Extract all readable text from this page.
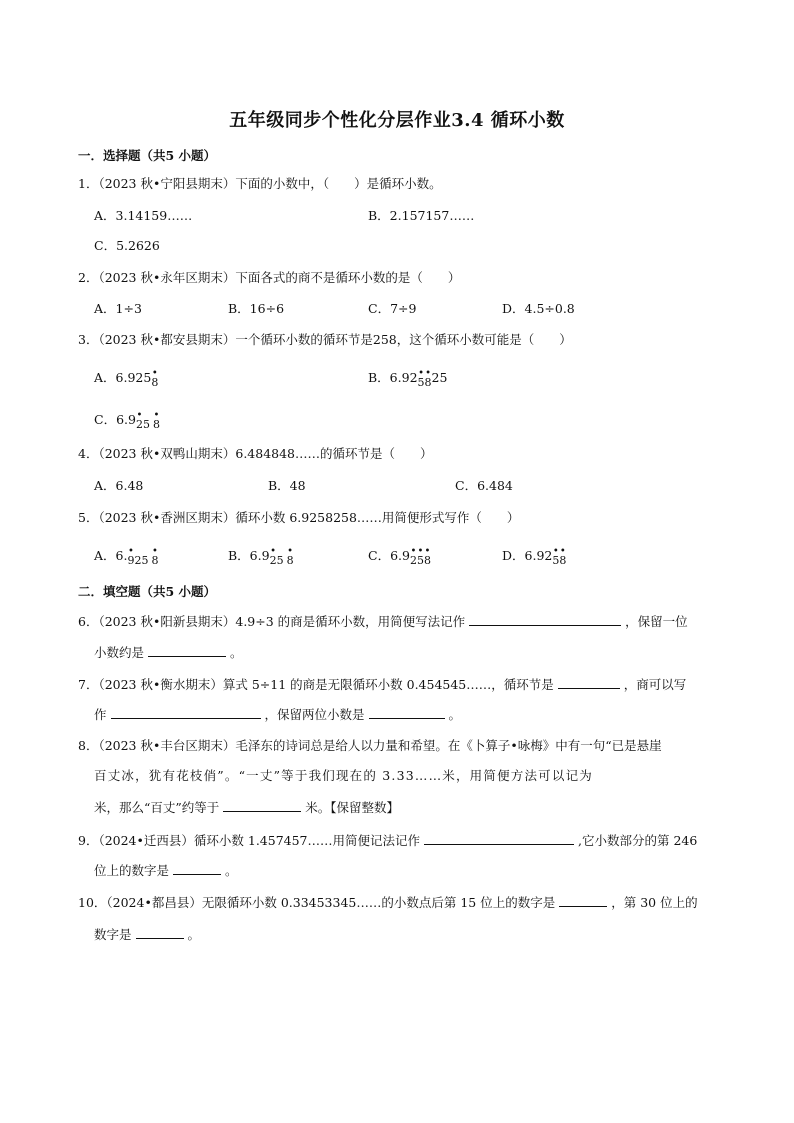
五年级同步个性化分层作业3.4 循环小数
一．选择题（共5 小题）
1．（2023 秋•宁阳县期末）下面的小数中，（　　）是循环小数。
A．3.14159……	B．2.157157……
C．5.2626
2．（2023 秋•永年区期末）下面各式的商不是循环小数的是（　　）
A．1÷3	B．16÷6	C．7÷9	D．4.5÷0.8
3．（2023 秋•都安县期末）一个循环小数的循环节是258，这个循环小数可能是（　　）
A．6.925 •
8	B．6.92 •
5
•
825
C．6.9 •
25
•
8
4．（2023 秋•双鸭山期末）6.484848……的循环节是（　　）
A．6.48	B．48	C．6.484
5．（2023 秋•香洲区期末）循环小数 6.9258258……用简便形式写作（　　）
A．6. •
925
•
8	B．6.9 •
25
•
8	C．6.9 •
2
•
5
•
8	D．6.92 •
5
•
8
二．填空题（共5 小题）
6．（2023 秋•阳新县期末）4.9÷3 的商是循环小数，用简便写法记作	，保留一位
小数约是	。
7．（2023 秋•衡水期末）算式 5÷11 的商是无限循环小数 0.454545……，循环节是	，商可以写
作	，保留两位小数是	。
8．（2023 秋•丰台区期末）毛泽东的诗词总是给人以力量和希望。在《卜算子•咏梅》中有一句“已是悬崖
百丈冰，犹有花枝俏”。“一丈”等于我们现在的 3.33……米，用简便方法可以记为
米，那么“百丈”约等于	米。【保留整数】
9．（2024•迁西县）循环小数 1.457457……用简便记法记作	,它小数部分的第 246
位上的数字是	。
10．（2024•都昌县）无限循环小数 0.33453345……的小数点后第 15 位上的数字是	，第 30 位上的
数字是	。
